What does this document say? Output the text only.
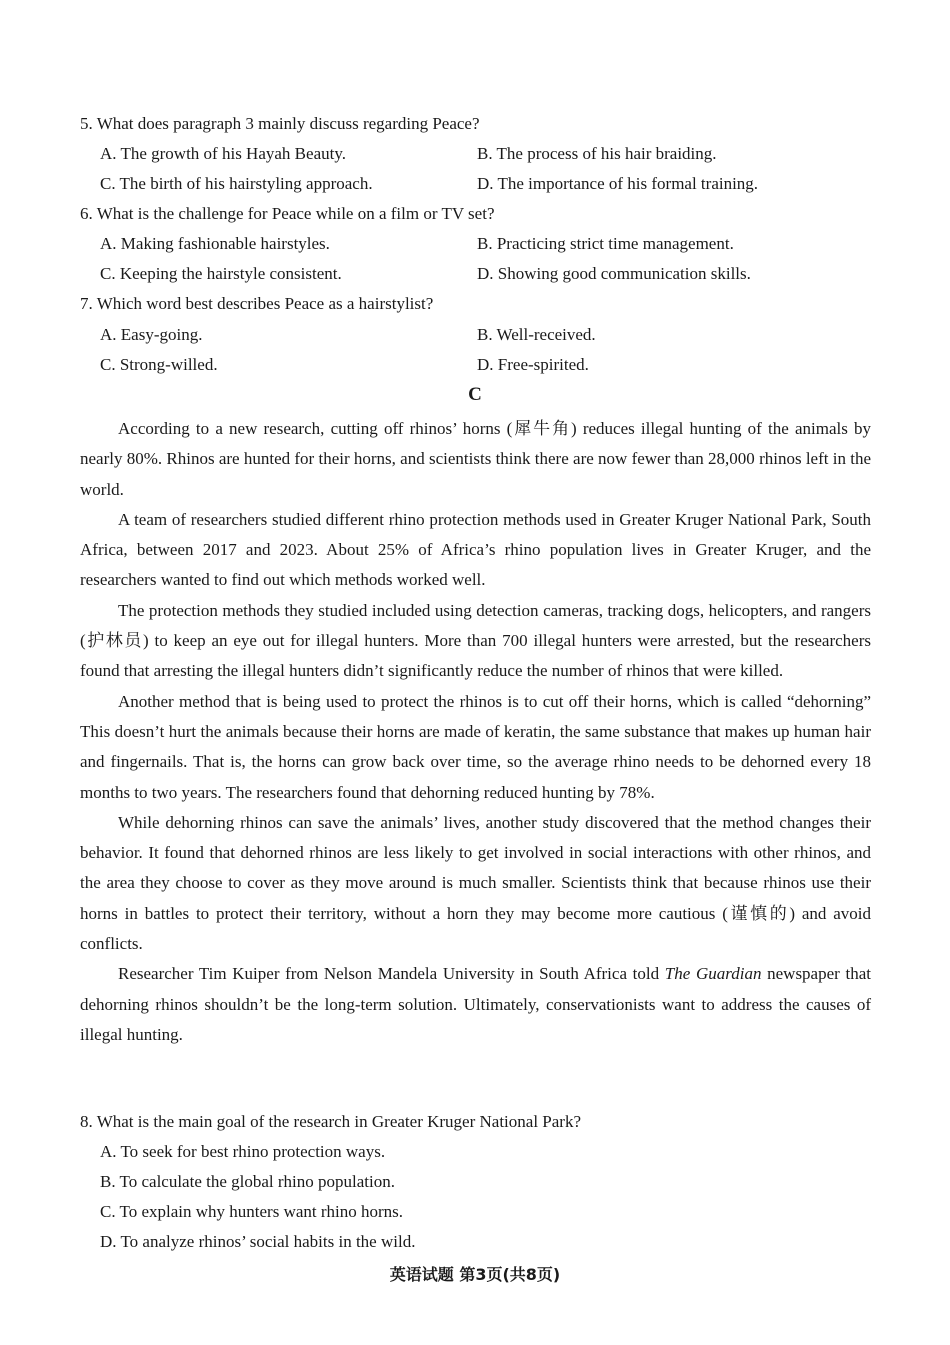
5. What does paragraph 3 mainly discuss regarding Peace?
A. The growth of his Hayah Beauty.	B. The process of his hair braiding.
C. The birth of his hairstyling approach.	D. The importance of his formal training.
6. What is the challenge for Peace while on a film or TV set?
A. Making fashionable hairstyles.	B. Practicing strict time management.
C. Keeping the hairstyle consistent.	D. Showing good communication skills.
7. Which word best describes Peace as a hairstylist?
A. Easy-going.	B. Well-received.
C. Strong-willed.	D. Free-spirited.
C

According to a new research, cutting off rhinos’ horns (犀牛角) reduces illegal hunting of the animals by nearly 80%. Rhinos are hunted for their horns, and scientists think there are now fewer than 28,000 rhinos left in the world.

A team of researchers studied different rhino protection methods used in Greater Kruger National Park, South Africa, between 2017 and 2023. About 25% of Africa’s rhino population lives in Greater Kruger, and the researchers wanted to find out which methods worked well.

The protection methods they studied included using detection cameras, tracking dogs, helicopters, and rangers (护林员) to keep an eye out for illegal hunters. More than 700 illegal hunters were arrested, but the researchers found that arresting the illegal hunters didn’t significantly reduce the number of rhinos that were killed.

Another method that is being used to protect the rhinos is to cut off their horns, which is called “dehorning” This doesn’t hurt the animals because their horns are made of keratin, the same substance that makes up human hair and fingernails. That is, the horns can grow back over time, so the average rhino needs to be dehorned every 18 months to two years. The researchers found that dehorning reduced hunting by 78%.

While dehorning rhinos can save the animals’ lives, another study discovered that the method changes their behavior. It found that dehorned rhinos are less likely to get involved in social interactions with other rhinos, and the area they choose to cover as they move around is much smaller. Scientists think that because rhinos use their horns in battles to protect their territory, without a horn they may become more cautious (谨慎的) and avoid conflicts.

Researcher Tim Kuiper from Nelson Mandela University in South Africa told The Guardian newspaper that dehorning rhinos shouldn’t be the long-term solution. Ultimately, conservationists want to address the causes of illegal hunting.

8. What is the main goal of the research in Greater Kruger National Park?
A. To seek for best rhino protection ways.
B. To calculate the global rhino population.
C. To explain why hunters want rhino horns.
D. To analyze rhinos’ social habits in the wild.
英语试题 第3页(共8页)
